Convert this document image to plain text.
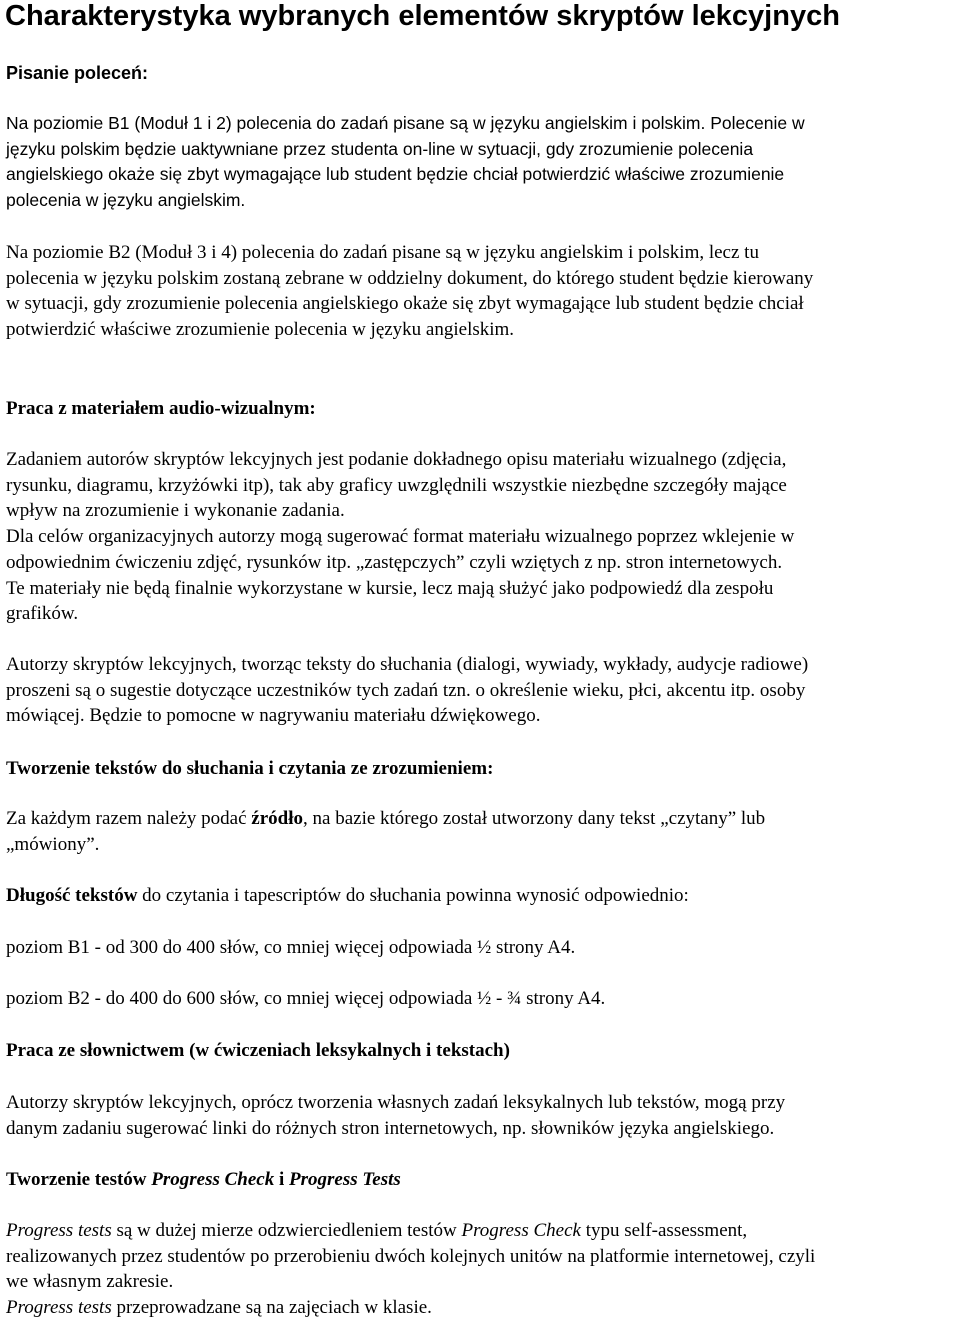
Charakterystyka wybranych elementów skryptów lekcyjnych
Pisanie poleceń:
Na poziomie B1 (Moduł 1 i 2) polecenia do zadań pisane są w języku angielskim i polskim. Polecenie w
języku polskim będzie uaktywniane przez studenta on-line w sytuacji, gdy zrozumienie polecenia
angielskiego okaże się zbyt wymagające lub student będzie chciał potwierdzić właściwe zrozumienie
polecenia w języku angielskim.
Na poziomie B2 (Moduł 3 i 4) polecenia do zadań pisane są w języku angielskim i polskim, lecz tu
polecenia w języku polskim zostaną zebrane w oddzielny dokument, do którego student będzie kierowany
w sytuacji, gdy zrozumienie polecenia angielskiego okaże się zbyt wymagające lub student będzie chciał
potwierdzić właściwe zrozumienie polecenia w języku angielskim.
Praca z materiałem audio-wizualnym:
Zadaniem autorów skryptów lekcyjnych jest podanie dokładnego opisu materiału wizualnego (zdjęcia,
rysunku, diagramu, krzyżówki itp), tak aby graficy uwzględnili wszystkie niezbędne szczegóły mające
wpływ na zrozumienie i wykonanie zadania.
Dla celów organizacyjnych autorzy mogą sugerować format materiału wizualnego poprzez wklejenie w
odpowiednim ćwiczeniu zdjęć, rysunków itp. „zastępczych” czyli wziętych z np. stron internetowych.
Te materiały nie będą finalnie wykorzystane w kursie, lecz mają służyć jako podpowiedź dla zespołu
grafików.
Autorzy skryptów lekcyjnych, tworząc teksty do słuchania (dialogi, wywiady, wykłady, audycje radiowe)
proszeni są o sugestie dotyczące uczestników tych zadań tzn. o określenie wieku, płci, akcentu itp. osoby
mówiącej. Będzie to pomocne w nagrywaniu materiału dźwiękowego.
Tworzenie tekstów do słuchania i czytania ze zrozumieniem:
Za każdym razem należy podać źródło, na bazie którego został utworzony dany tekst „czytany” lub
„mówiony”.
Długość tekstów do czytania i tapescriptów do słuchania powinna wynosić odpowiednio:
poziom B1 - od 300 do 400 słów, co mniej więcej odpowiada ½ strony A4.
poziom B2 - do 400 do 600 słów, co mniej więcej odpowiada ½ - ¾ strony A4.
Praca ze słownictwem (w ćwiczeniach leksykalnych i tekstach)
Autorzy skryptów lekcyjnych, oprócz tworzenia własnych zadań leksykalnych lub tekstów, mogą przy
danym zadaniu sugerować linki do różnych stron internetowych, np. słowników języka angielskiego.
Tworzenie testów Progress Check i Progress Tests
Progress tests są w dużej mierze odzwierciedleniem testów Progress Check typu self-assessment,
realizowanych przez studentów po przerobieniu dwóch kolejnych unitów na platformie internetowej, czyli
we własnym zakresie.
Progress tests przeprowadzane są na zajęciach w klasie.
